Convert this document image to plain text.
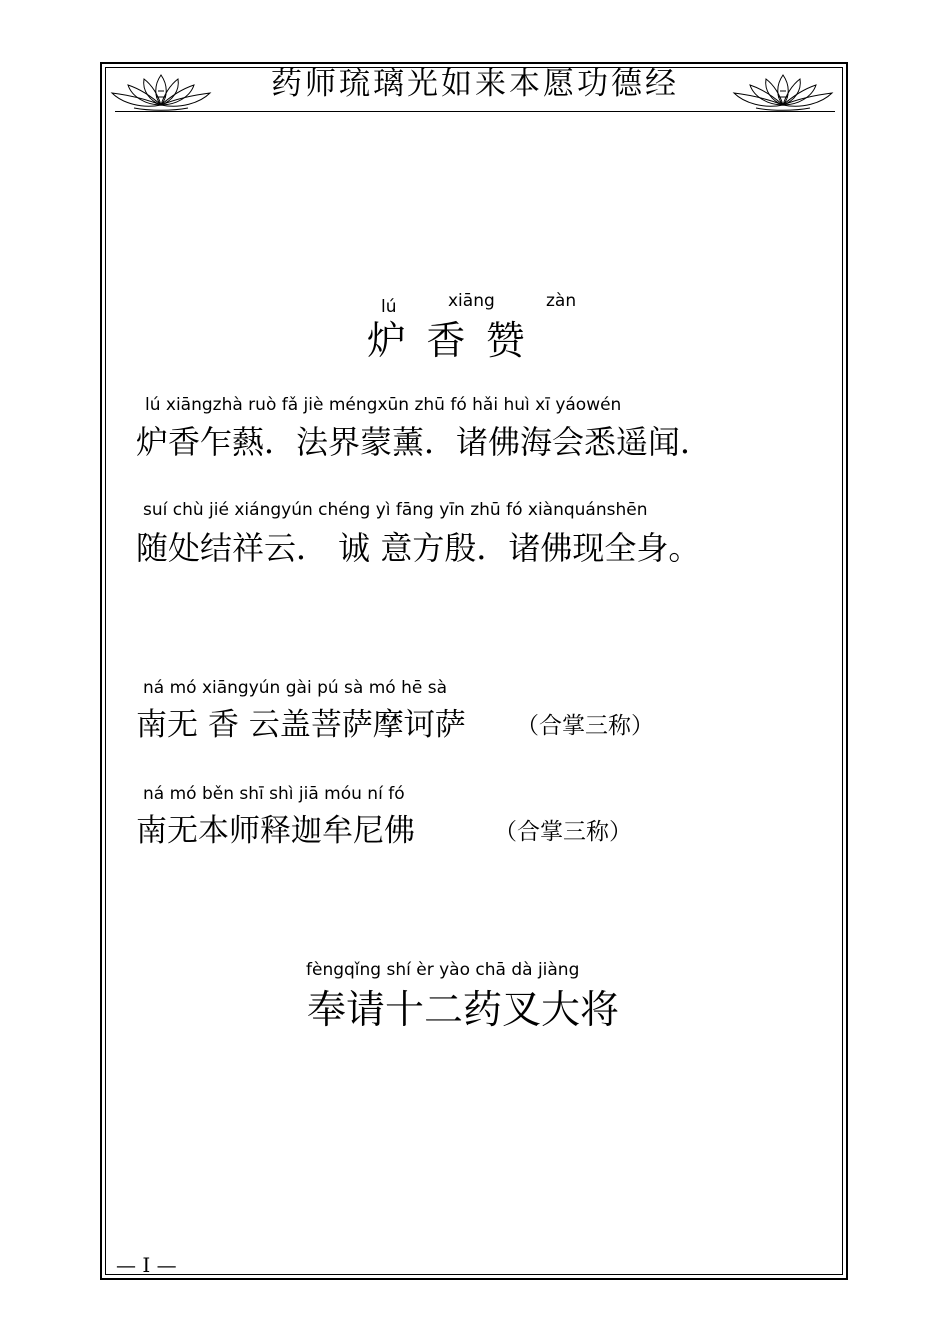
药师琉璃光如来本愿功德经
lú	xiāng	zàn
炉 香 赞
lú xiāngzhà ruò fǎ jiè méngxūn zhū fó hǎi huì xī yáowén
炉香乍爇．法界蒙薰．诸佛海会悉遥闻．
suí chù jié xiángyún chéng yì fāng yīn zhū fó xiànquánshēn
随处结祥云． 诚 意方殷．诸佛现全身。
ná mó xiāngyún gài pú sà mó hē sà
南无 香 云盖菩萨摩诃萨 （合掌三称）
ná mó běn shī shì jiā móu ní fó
南无本师释迦牟尼佛	（合掌三称）
fèngqǐng shí èr yào chā dà jiàng
奉请十二药叉大将
— I —
